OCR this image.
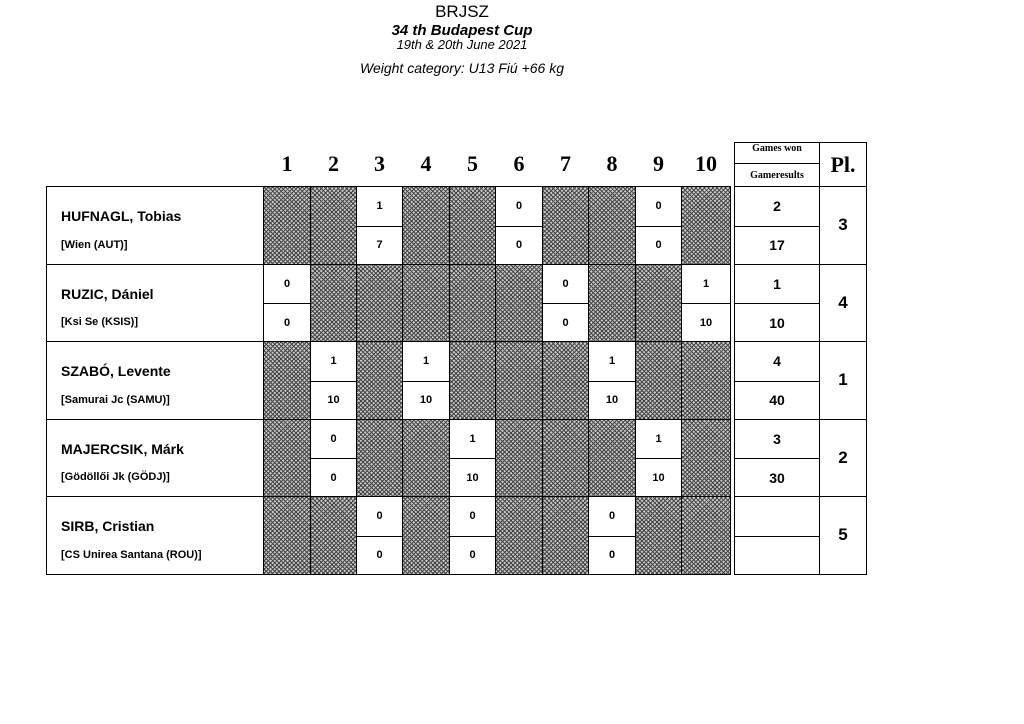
BRJSZ
34 th Budapest Cup
19th & 20th June 2021
Weight category: U13 Fiú +66 kg
	1	2	3	4	5	6	7	8	9	10		Games won	Pl.
												Gameresults	
HUFNAGL, Tobias			1			0			0			2	3
[Wien (AUT)]			7			0			0			17	
RUZIC, Dániel	0						0			1		1	4
[Ksi Se (KSIS)]	0						0			10		10	
SZABÓ, Levente		1		1				1				4	1
[Samurai Jc (SAMU)]		10		10				10				40	
MAJERCSIK, Márk		0			1				1			3	2
[Gödöllői Jk (GÖDJ)]		0			10				10			30	
SIRB, Cristian			0		0			0					5
[CS Unirea Santana (ROU)]			0		0			0					
